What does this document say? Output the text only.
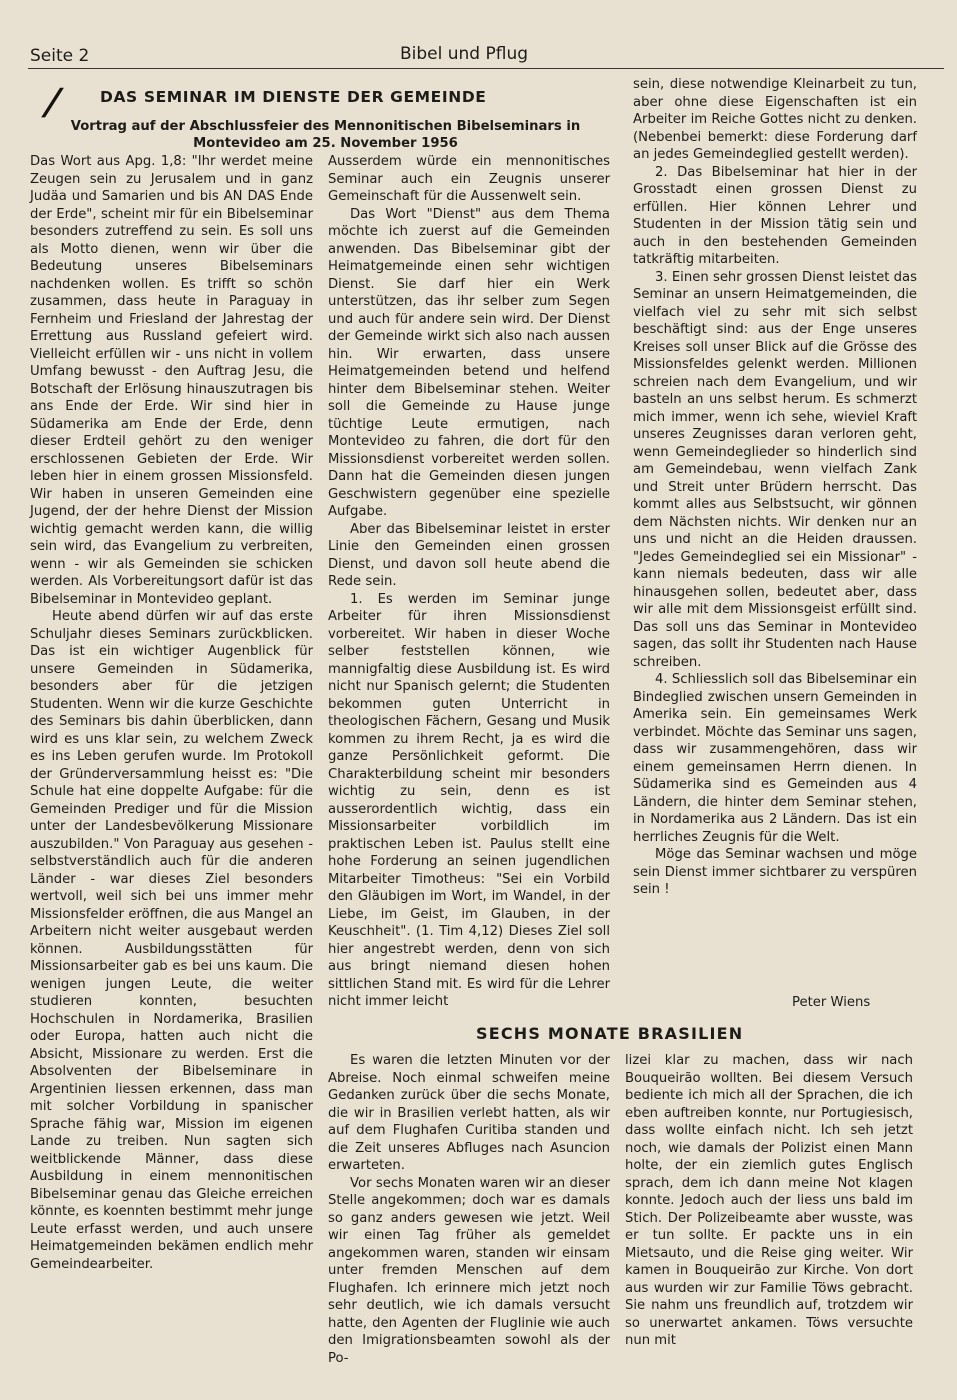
Seite 2	Bibel und Pflug
/ DAS SEMINAR IM DIENSTE DER GEMEINDE
Vortrag auf der Abschlussfeier des Mennonitischen Bibelseminars in Montevideo am 25. November 1956

Das Wort aus Apg. 1,8: "Ihr werdet meine Zeugen sein zu Jerusalem und in ganz Judäa und Samarien und bis AN DAS Ende der Erde", scheint mir für ein Bibelseminar besonders zutreffend zu sein. Es soll uns als Motto dienen, wenn wir über die Bedeutung unseres Bibelseminars nachdenken wollen. Es trifft so schön zusammen, dass heute in Paraguay in Fernheim und Friesland der Jahrestag der Errettung aus Russland gefeiert wird. Vielleicht erfüllen wir - uns nicht in vollem Umfang bewusst - den Auftrag Jesu, die Botschaft der Erlösung hinauszutragen bis ans Ende der Erde. Wir sind hier in Südamerika am Ende der Erde, denn dieser Erdteil gehört zu den weniger erschlossenen Gebieten der Erde. Wir leben hier in einem grossen Missionsfeld. Wir haben in unseren Gemeinden eine Jugend, der der hehre Dienst der Mission wichtig gemacht werden kann, die willig sein wird, das Evangelium zu verbreiten, wenn - wir als Gemeinden sie schicken werden. Als Vorbereitungsort dafür ist das Bibelseminar in Montevideo geplant.

Heute abend dürfen wir auf das erste Schuljahr dieses Seminars zurückblicken. Das ist ein wichtiger Augenblick für unsere Gemeinden in Südamerika, besonders aber für die jetzigen Studenten. Wenn wir die kurze Geschichte des Seminars bis dahin überblicken, dann wird es uns klar sein, zu welchem Zweck es ins Leben gerufen wurde. Im Protokoll der Gründerversammlung heisst es: "Die Schule hat eine doppelte Aufgabe: für die Gemeinden Prediger und für die Mission unter der Landesbevölkerung Missionare auszubilden." Von Paraguay aus gesehen - selbstverständlich auch für die anderen Länder - war dieses Ziel besonders wertvoll, weil sich bei uns immer mehr Missionsfelder eröffnen, die aus Mangel an Arbeitern nicht weiter ausgebaut werden können. Ausbildungsstätten für Missionsarbeiter gab es bei uns kaum. Die wenigen jungen Leute, die weiter studieren konnten, besuchten Hochschulen in Nordamerika, Brasilien oder Europa, hatten auch nicht die Absicht, Missionare zu werden. Erst die Absolventen der Bibelseminare in Argentinien liessen erkennen, dass man mit solcher Vorbildung in spanischer Sprache fähig war, Mission im eigenen Lande zu treiben. Nun sagten sich weitblickende Männer, dass diese Ausbildung in einem mennonitischen Bibelseminar genau das Gleiche erreichen könnte, es koennten bestimmt mehr junge Leute erfasst werden, und auch unsere Heimatgemeinden bekämen endlich mehr Gemeindearbeiter.

Ausserdem würde ein mennonitisches Seminar auch ein Zeugnis unserer Gemeinschaft für die Aussenwelt sein.

Das Wort "Dienst" aus dem Thema möchte ich zuerst auf die Gemeinden anwenden. Das Bibelseminar gibt der Heimatgemeinde einen sehr wichtigen Dienst. Sie darf hier ein Werk unterstützen, das ihr selber zum Segen und auch für andere sein wird. Der Dienst der Gemeinde wirkt sich also nach aussen hin. Wir erwarten, dass unsere Heimatgemeinden betend und helfend hinter dem Bibelseminar stehen. Weiter soll die Gemeinde zu Hause junge tüchtige Leute ermutigen, nach Montevideo zu fahren, die dort für den Missionsdienst vorbereitet werden sollen. Dann hat die Gemeinden diesen jungen Geschwistern gegenüber eine spezielle Aufgabe.

Aber das Bibelseminar leistet in erster Linie den Gemeinden einen grossen Dienst, und davon soll heute abend die Rede sein.

1. Es werden im Seminar junge Arbeiter für ihren Missionsdienst vorbereitet. Wir haben in dieser Woche selber feststellen können, wie mannigfaltig diese Ausbildung ist. Es wird nicht nur Spanisch gelernt; die Studenten bekommen guten Unterricht in theologischen Fächern, Gesang und Musik kommen zu ihrem Recht, ja es wird die ganze Persönlichkeit geformt. Die Charakterbildung scheint mir besonders wichtig zu sein, denn es ist ausserordentlich wichtig, dass ein Missionsarbeiter vorbildlich im praktischen Leben ist. Paulus stellt eine hohe Forderung an seinen jugendlichen Mitarbeiter Timotheus: "Sei ein Vorbild den Gläubigen im Wort, im Wandel, in der Liebe, im Geist, im Glauben, in der Keuschheit". (1. Tim 4,12) Dieses Ziel soll hier angestrebt werden, denn von sich aus bringt niemand diesen hohen sittlichen Stand mit. Es wird für die Lehrer nicht immer leicht

sein, diese notwendige Kleinarbeit zu tun, aber ohne diese Eigenschaften ist ein Arbeiter im Reiche Gottes nicht zu denken. (Nebenbei bemerkt: diese Forderung darf an jedes Gemeindeglied gestellt werden).

2. Das Bibelseminar hat hier in der Grosstadt einen grossen Dienst zu erfüllen. Hier können Lehrer und Studenten in der Mission tätig sein und auch in den bestehenden Gemeinden tatkräftig mitarbeiten.

3. Einen sehr grossen Dienst leistet das Seminar an unsern Heimatgemeinden, die vielfach viel zu sehr mit sich selbst beschäftigt sind: aus der Enge unseres Kreises soll unser Blick auf die Grösse des Missionsfeldes gelenkt werden. Millionen schreien nach dem Evangelium, und wir basteln an uns selbst herum. Es schmerzt mich immer, wenn ich sehe, wieviel Kraft unseres Zeugnisses daran verloren geht, wenn Gemeindeglieder so hinderlich sind am Gemeindebau, wenn vielfach Zank und Streit unter Brüdern herrscht. Das kommt alles aus Selbstsucht, wir gönnen dem Nächsten nichts. Wir denken nur an uns und nicht an die Heiden draussen. "Jedes Gemeindeglied sei ein Missionar" - kann niemals bedeuten, dass wir alle hinausgehen sollen, bedeutet aber, dass wir alle mit dem Missionsgeist erfüllt sind. Das soll uns das Seminar in Montevideo sagen, das sollt ihr Studenten nach Hause schreiben.

4. Schliesslich soll das Bibelseminar ein Bindeglied zwischen unsern Gemeinden in Amerika sein. Ein gemeinsames Werk verbindet. Möchte das Seminar uns sagen, dass wir zusammengehören, dass wir einem gemeinsamen Herrn dienen. In Südamerika sind es Gemeinden aus 4 Ländern, die hinter dem Seminar stehen, in Nordamerika aus 2 Ländern. Das ist ein herrliches Zeugnis für die Welt.

Möge das Seminar wachsen und möge sein Dienst immer sichtbarer zu verspüren sein !

Peter Wiens
SECHS MONATE BRASILIEN

Es waren die letzten Minuten vor der Abreise. Noch einmal schweifen meine Gedanken zurück über die sechs Monate, die wir in Brasilien verlebt hatten, als wir auf dem Flughafen Curitiba standen und die Zeit unseres Abfluges nach Asuncion erwarteten.

Vor sechs Monaten waren wir an dieser Stelle angekommen; doch war es damals so ganz anders gewesen wie jetzt. Weil wir einen Tag früher als gemeldet angekommen waren, standen wir einsam unter fremden Menschen auf dem Flughafen. Ich erinnere mich jetzt noch sehr deutlich, wie ich damals versucht hatte, den Agenten der Fluglinie wie auch den Imigrationsbeamten sowohl als der Po-

lizei klar zu machen, dass wir nach Bouqueirão wollten. Bei diesem Versuch bediente ich mich all der Sprachen, die ich eben auftreiben konnte, nur Portugiesisch, dass wollte einfach nicht. Ich seh jetzt noch, wie damals der Polizist einen Mann holte, der ein ziemlich gutes Englisch sprach, dem ich dann meine Not klagen konnte. Jedoch auch der liess uns bald im Stich. Der Polizeibeamte aber wusste, was er tun sollte. Er packte uns in ein Mietsauto, und die Reise ging weiter. Wir kamen in Bouqueirão zur Kirche. Von dort aus wurden wir zur Familie Töws gebracht. Sie nahm uns freundlich auf, trotzdem wir so unerwartet ankamen. Töws versuchte nun mit
